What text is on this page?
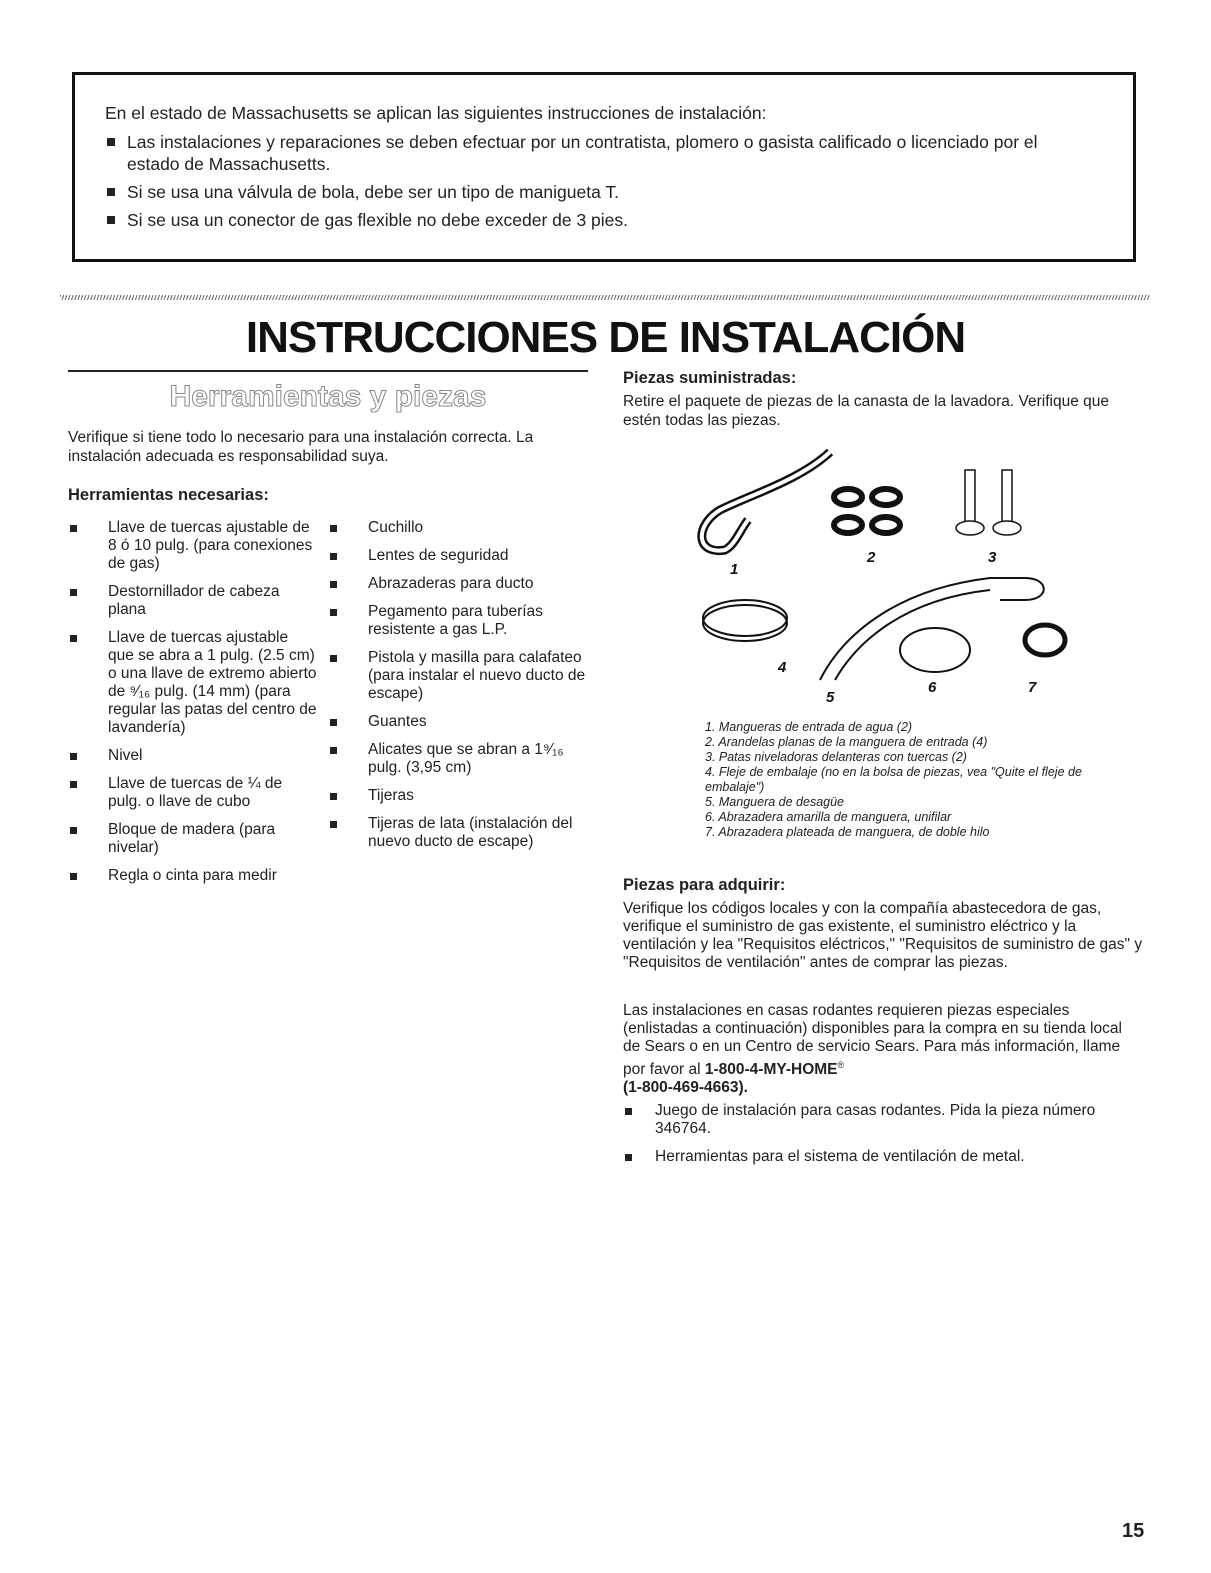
En el estado de Massachusetts se aplican las siguientes instrucciones de instalación:

Las instalaciones y reparaciones se deben efectuar por un contratista, plomero o gasista calificado o licenciado por el estado de Massachusetts.
Si se usa una válvula de bola, debe ser un tipo de manigueta T.
Si se usa un conector de gas flexible no debe exceder de 3 pies.
INSTRUCCIONES DE INSTALACIÓN
Herramientas y piezas

Verifique si tiene todo lo necesario para una instalación correcta. La instalación adecuada es responsabilidad suya.

Herramientas necesarias:
Llave de tuercas ajustable de 8 ó 10 pulg. (para conexiones de gas)
Destornillador de cabeza plana
Llave de tuercas ajustable que se abra a 1 pulg. (2.5 cm) o una llave de extremo abierto de ⁹⁄₁₆ pulg. (14 mm) (para regular las patas del centro de lavandería)
Nivel
Llave de tuercas de ¼ de pulg. o llave de cubo
Bloque de madera (para nivelar)
Regla o cinta para medir
Cuchillo
Lentes de seguridad
Abrazaderas para ducto
Pegamento para tuberías resistente a gas L.P.
Pistola y masilla para calafateo (para instalar el nuevo ducto de escape)
Guantes
Alicates que se abran a 1⁹⁄₁₆ pulg. (3,95 cm)
Tijeras
Tijeras de lata (instalación del nuevo ducto de escape)
Piezas suministradas:

Retire el paquete de piezas de la canasta de la lavadora. Verifique que estén todas las piezas.

1
2	3
4
5
6	7
1. Mangueras de entrada de agua (2)
2. Arandelas planas de la manguera de entrada (4)
3. Patas niveladoras delanteras con tuercas (2)
4. Fleje de embalaje (no en la bolsa de piezas, vea "Quite el fleje de embalaje")
5. Manguera de desagüe
6. Abrazadera amarilla de manguera, unifilar
7. Abrazadera plateada de manguera, de doble hilo
Piezas para adquirir:

Verifique los códigos locales y con la compañía abastecedora de gas, verifique el suministro de gas existente, el suministro eléctrico y la ventilación y lea "Requisitos eléctricos," "Requisitos de suministro de gas" y "Requisitos de ventilación" antes de comprar las piezas.

Las instalaciones en casas rodantes requieren piezas especiales (enlistadas a continuación) disponibles para la compra en su tienda local de Sears o en un Centro de servicio Sears. Para más información, llame por favor al 1-800-4-MY-HOME®
(1-800-469-4663).

Juego de instalación para casas rodantes. Pida la pieza número 346764.
Herramientas para el sistema de ventilación de metal.
15
